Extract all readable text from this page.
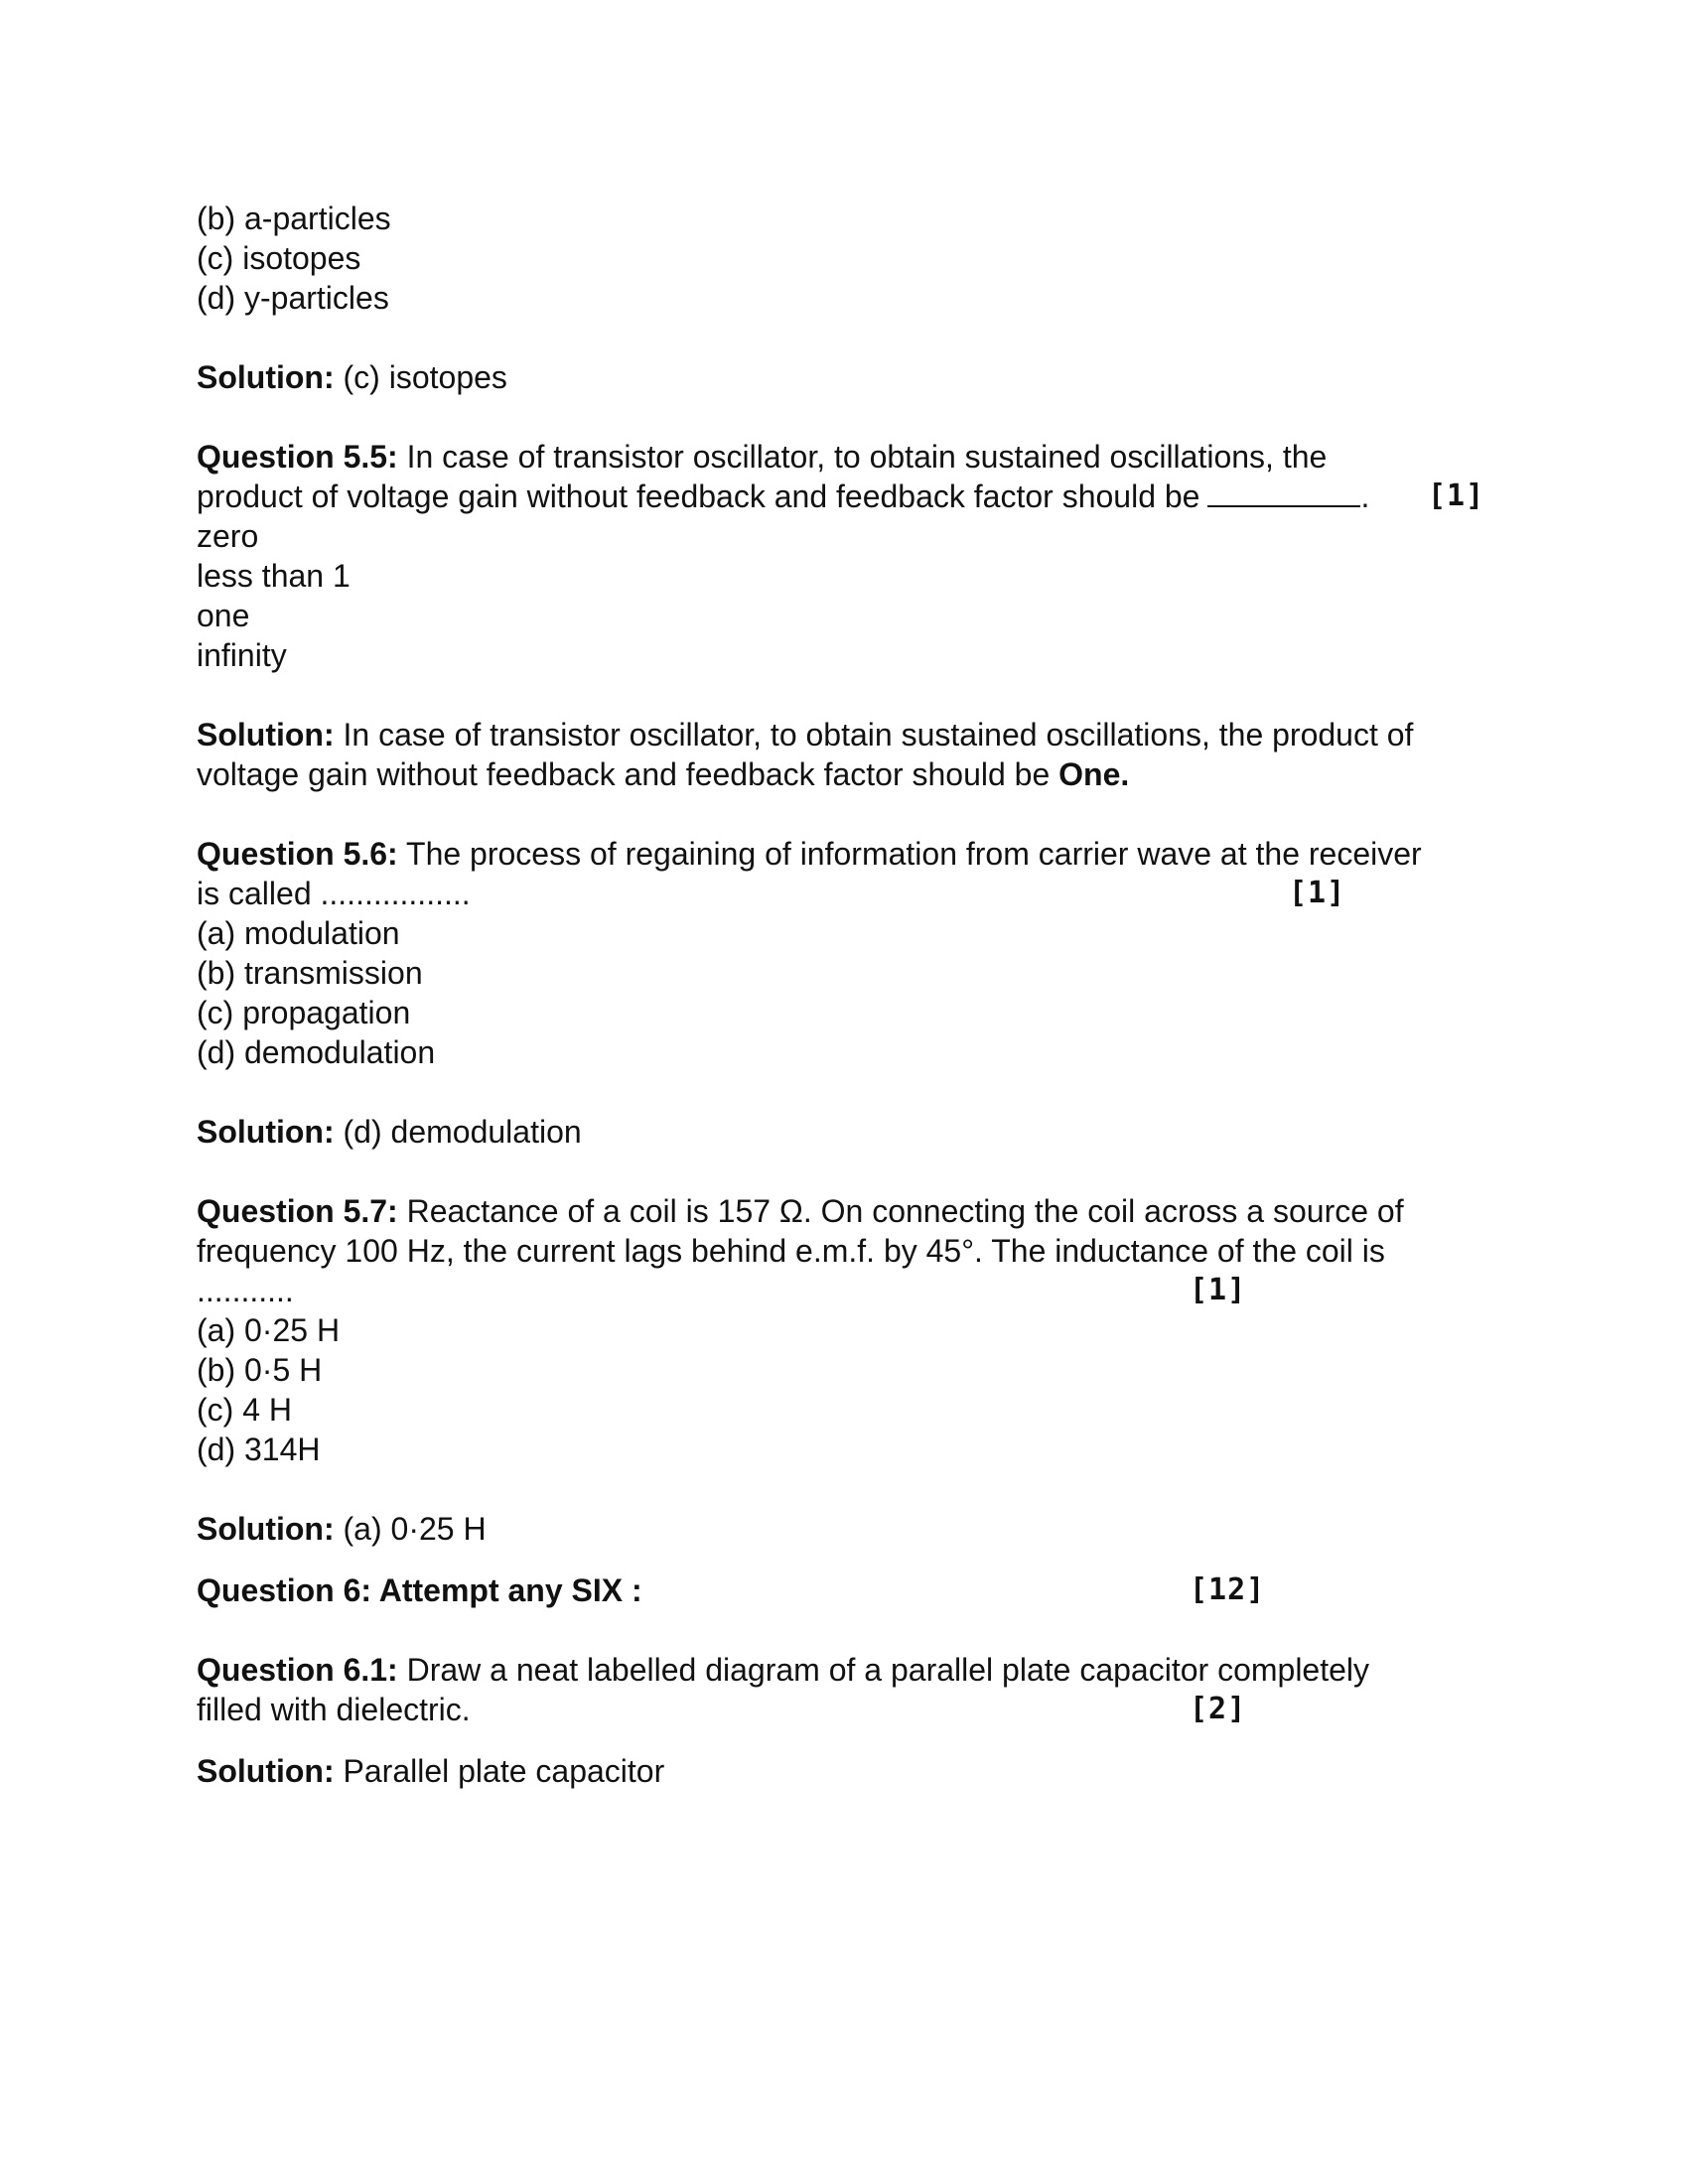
(b) a-particles
(c) isotopes
(d) y-particles
Solution: (c) isotopes
Question 5.5: In case of transistor oscillator, to obtain sustained oscillations, the
product of voltage gain without feedback and feedback factor should be	. [1]
zero
less than 1
one
infinity
Solution: In case of transistor oscillator, to obtain sustained oscillations, the product of
voltage gain without feedback and feedback factor should be One.
Question 5.6: The process of regaining of information from carrier wave at the receiver
is called .................	[1]
(a) modulation
(b) transmission
(c) propagation
(d) demodulation
Solution: (d) demodulation
Question 5.7: Reactance of a coil is 157 Ω. On connecting the coil across a source of
frequency 100 Hz, the current lags behind e.m.f. by 45°. The inductance of the coil is
...........	[1]
(a) 0·25 H
(b) 0·5 H
(c) 4 H
(d) 314H
Solution: (a) 0·25 H
Question 6: Attempt any SIX :	[12]
Question 6.1: Draw a neat labelled diagram of a parallel plate capacitor completely
filled with dielectric.	[2]
Solution: Parallel plate capacitor
